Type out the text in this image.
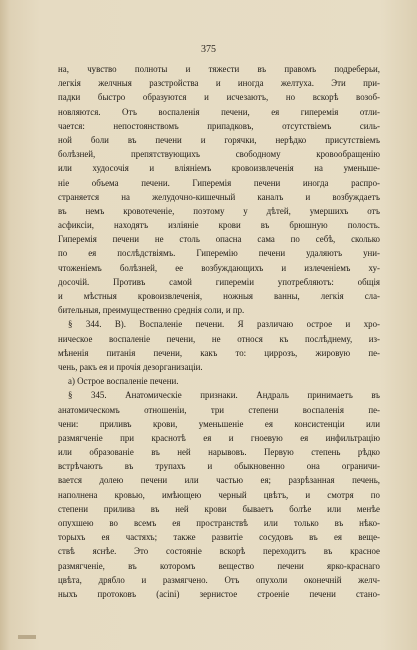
375
на, чувство полноты и тяжести въ правомъ подреберьи,
легкія желчныя разстройства и иногда желтуха. Эти при-
падки быстро образуются и исчезаютъ, но вскорѣ возоб-
новляются. Отъ воспаленія печени, ея гиперемія отли-
чается: непостоянствомъ припадковъ, отсутствіемъ силь-
ной боли въ печени и горячки, нерѣдко присутствіемъ
болѣзней, препятствующихъ свободному кровообращенію
или худосочія и вліяніемъ кровоизвлеченія на уменьше-
ніе объема печени. Гиперемія печени иногда распро-
страняется на желудочно-кишечный каналъ и возбуждаетъ
въ немъ кровотеченіе, поэтому у дѣтей, умершихъ отъ
асфиксіи, находятъ изліяніе крови въ брюшную полость.
Гиперемія печени не столь опасна сама по себѣ, сколько
по ея послѣдствіямъ. Гиперемію печени удаляютъ уни-
чтоженіемъ болѣзней, ее возбуждающихъ и излеченіемъ ху-
досочій. Противъ самой гипереміи употребляютъ: общія
и мѣстныя кровоизвлеченія, ножныя ванны, легкія сла-
бительныя, преимущественно среднія соли, и пр.
§ 344. В). Воспаленіе печени. Я различаю острое и хро-
ническое воспаленіе печени, не относя къ послѣднему, из-
мѣненія питанія печени, какъ то: циррозъ, жировую пе-
чень, ракъ ея и прочія дезорганизаціи.
а) Острое воспаленіе печени.
§ 345. Анатомическіе признаки. Андраль принимаетъ въ
анатомическомъ отношеніи, три степени воспаленія пе-
чени: приливъ крови, уменьшеніе ея консистенціи или
размягченіе при краснотѣ ея и гноевую ея инфильтрацію
или образованіе въ ней нарывовъ. Первую степень рѣдко
встрѣчаютъ въ трупахъ и обыкновенно она ограничи-
вается долею печени или частью ея; разрѣзанная печень,
наполнена кровью, имѣющею черный цвѣтъ, и смотря по
степени прилива въ ней крови бываетъ болѣе или менѣе
опухшею во всемъ ея пространствѣ или только въ нѣко-
торыхъ ея частяхъ; также развитіе сосудовъ въ ея веще-
ствѣ яснѣе. Это состояніе вскорѣ переходитъ въ красное
размягченіе, въ которомъ вещество печени ярко-краснаго
цвѣта, дрябло и размягчено. Отъ опухоли оконечній желч-
ныхъ протоковъ (acini) зернистое строеніе печени стано-
